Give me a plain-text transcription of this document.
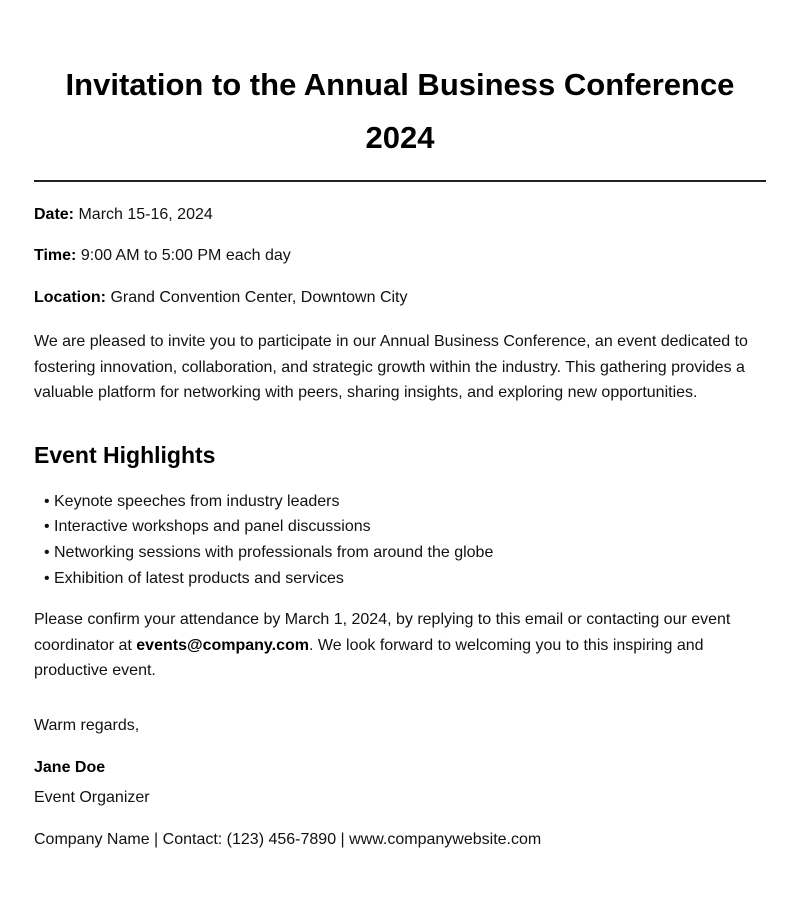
Invitation to the Annual Business Conference 2024

Date: March 15-16, 2024

Time: 9:00 AM to 5:00 PM each day

Location: Grand Convention Center, Downtown City

We are pleased to invite you to participate in our Annual Business Conference, an event dedicated to fostering innovation, collaboration, and strategic growth within the industry. This gathering provides a valuable platform for networking with peers, sharing insights, and exploring new opportunities.

Event Highlights
• Keynote speeches from industry leaders
• Interactive workshops and panel discussions
• Networking sessions with professionals from around the globe
• Exhibition of latest products and services

Please confirm your attendance by March 1, 2024, by replying to this email or contacting our event coordinator at events@company.com. We look forward to welcoming you to this inspiring and productive event.

Warm regards,

Jane Doe
Event Organizer

Company Name | Contact: (123) 456-7890 | www.companywebsite.com
